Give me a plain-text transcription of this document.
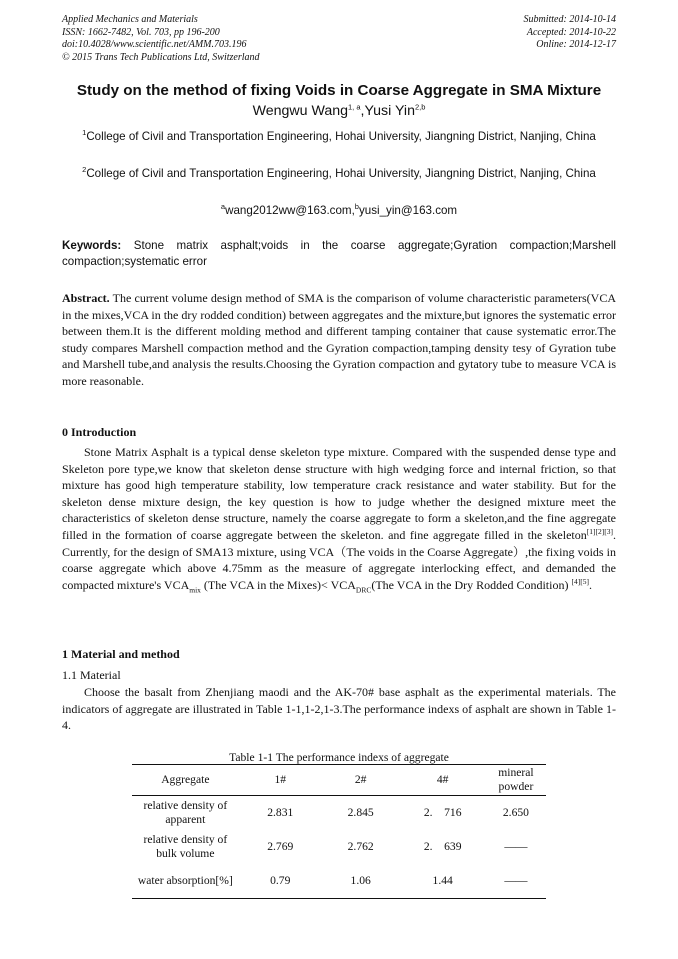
Applied Mechanics and Materials
ISSN: 1662-7482, Vol. 703, pp 196-200
doi:10.4028/www.scientific.net/AMM.703.196
© 2015 Trans Tech Publications Ltd, Switzerland
Submitted: 2014-10-14
Accepted: 2014-10-22
Online: 2014-12-17
Study on the method of fixing Voids in Coarse Aggregate in SMA Mixture
Wengwu Wang$^{1, a}$,Yusi Yin$^{2,b}$
$^1$College of Civil and Transportation Engineering, Hohai University, Jiangning District, Nanjing, China
$^2$College of Civil and Transportation Engineering, Hohai University, Jiangning District, Nanjing, China
$^a$wang2012ww@163.com,$^b$yusi_yin@163.com
Keywords: Stone matrix asphalt;voids in the coarse aggregate;Gyration compaction;Marshell compaction;systematic error
Abstract. The current volume design method of SMA is the comparison of volume characteristic parameters(VCA in the mixes,VCA in the dry rodded condition) between aggregates and the mixture,but ignores the systematic error between them.It is the different molding method and different tamping container that cause systematic error.The study compares Marshell compaction method and the Gyration compaction,tamping density tesy of Gyration tube and Marshell tube,and analysis the results.Choosing the Gyration compaction and gytatory tube to measure VCA is more reasonable.
0 Introduction
Stone Matrix Asphalt is a typical dense skeleton type mixture. Compared with the suspended dense type and Skeleton pore type,we know that skeleton dense structure with high wedging force and internal friction, so that mixture has good high temperature stability, low temperature crack resistance and water stability. But for the skeleton dense mixture design, the key question is how to judge whether the designed mixture meet the characteristics of skeleton dense structure, namely the coarse aggregate to form a skeleton,and the fine aggregate filled in the formation of coarse aggregate between the skeleton. and fine aggregate filled in the skeleton[1][2][3]. Currently, for the design of SMA13 mixture, using VCA（The voids in the Coarse Aggregate）,the fixing voids in coarse aggregate which above 4.75mm as the measure of aggregate interlocking effect, and demanded the compacted mixture's $VCA_{mix}$ (The VCA in the Mixes)< $VCA_{DRC}(The$ VCA in the Dry Rodded Condition) [4][5].
1 Material and method
1.1 Material
Choose the basalt from Zhenjiang maodi and the AK-70# base asphalt as the experimental materials. The indicators of aggregate are illustrated in Table 1-1,1-2,1-3.The performance indexs of asphalt are shown in Table 1-4.
Table 1-1 The performance indexs of aggregate
Aggregate	1#	2#	4#	mineral powder
relative density of apparent	2.831	2.845	2.　716	2.650
relative density of bulk volume	2.769	2.762	2.　639	——
water absorption[%]	0.79	1.06	1.44	——
